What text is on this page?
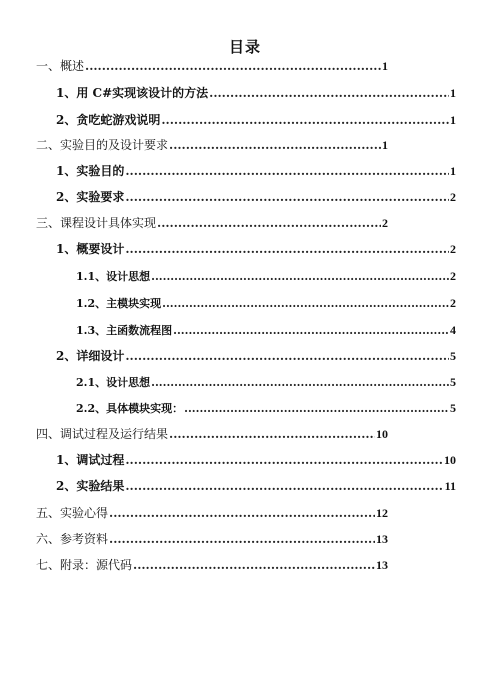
目录
一、概述 .....	1
1、用 C#实现该设计的方法 .....	1
2、贪吃蛇游戏说明 .....	1
二、实验目的及设计要求 .....	1
1、实验目的 .....	1
2、实验要求 .....	2
三、课程设计具体实现 .....	2
1、概要设计 .....	2
1.1、设计思想 .....	2
1.2、主模块实现 .....	2
1.3、主函数流程图 .....	4
2、详细设计 .....	5
2.1、设计思想 .....	5
2.2、具体模块实现： .....	5
四、调试过程及运行结果 .....	10
1、调试过程 .....	10
2、实验结果 .....	11
五、实验心得 .....	12
六、参考资料 .....	13
七、附录：源代码 .....	13
